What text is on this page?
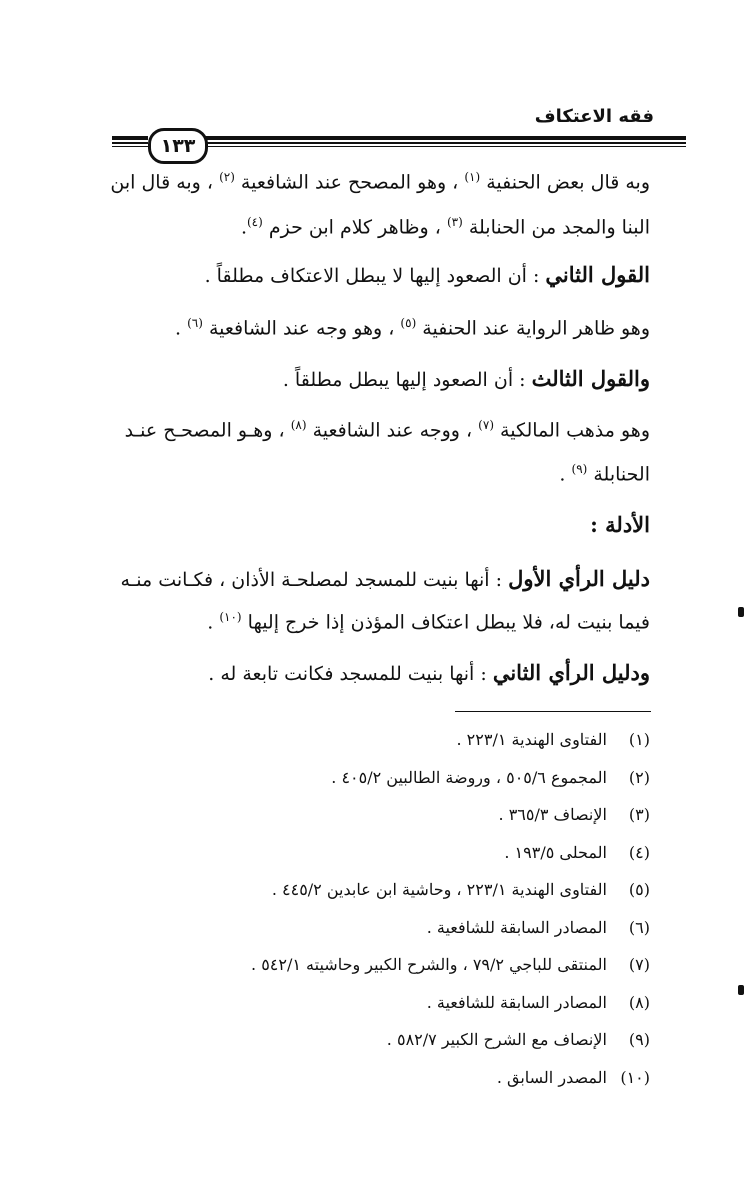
فقه الاعتكاف
١٣٣
وبه قال بعض الحنفية $^{(١)}$ ، وهو المصحح عند الشافعية $^{(٢)}$ ، وبه قال ابن
البنا والمجد من الحنابلة $^{(٣)}$ ، وظاهر كلام ابن حزم $^{(٤)}$.
القول الثاني : أن الصعود إليها لا يبطل الاعتكاف مطلقاً .
وهو ظاهر الرواية عند الحنفية $^{(٥)}$ ، وهو وجه عند الشافعية $^{(٦)}$ .
والقول الثالث : أن الصعود إليها يبطل مطلقاً .
وهو مذهب المالكية $^{(٧)}$ ، ووجه عند الشافعية $^{(٨)}$ ، وهـو المصحـح عنـد
الحنابلة $^{(٩)}$ .
الأدلة :
دليل الرأي الأول : أنها بنيت للمسجد لمصلحـة الأذان ، فكـانت منـه
فيما بنيت له، فلا يبطل اعتكاف المؤذن إذا خرج إليها $^{(١٠)}$ .
ودليل الرأي الثاني : أنها بنيت للمسجد فكانت تابعة له .
(١) الفتاوى الهندية ٢٢٣/١ .
(٢) المجموع ٥٠٥/٦ ، وروضة الطالبين ٤٠٥/٢ .
(٣) الإنصاف ٣٦٥/٣ .
(٤) المحلى ١٩٣/٥ .
(٥) الفتاوى الهندية ٢٢٣/١ ، وحاشية ابن عابدين ٤٤٥/٢ .
(٦) المصادر السابقة للشافعية .
(٧) المنتقى للباجي ٧٩/٢ ، والشرح الكبير وحاشيته ٥٤٢/١ .
(٨) المصادر السابقة للشافعية .
(٩) الإنصاف مع الشرح الكبير ٥٨٢/٧ .
(١٠) المصدر السابق .
